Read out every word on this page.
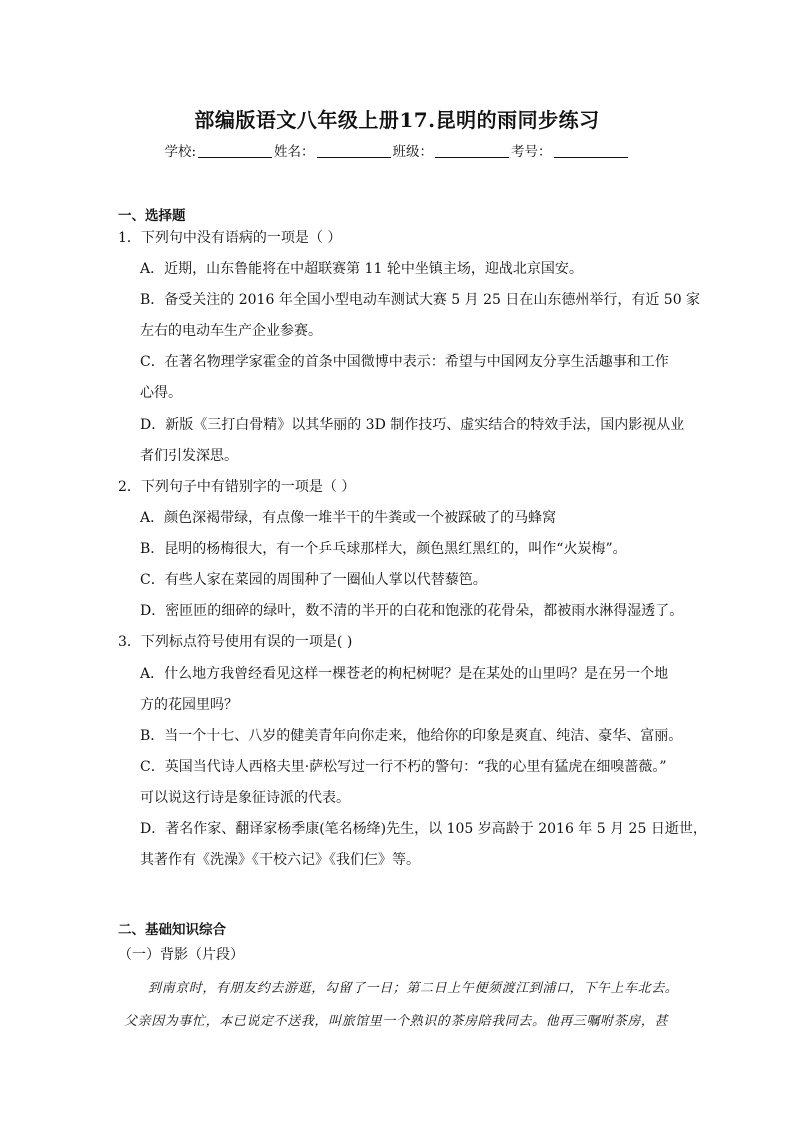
部编版语文八年级上册17.昆明的雨同步练习
学校:	姓名：	班级：	考号：
一、选择题
1．下列句中没有语病的一项是（ ）
A．近期，山东鲁能将在中超联赛第 11 轮中坐镇主场，迎战北京国安。
B．备受关注的 2016 年全国小型电动车测试大赛 5 月 25 日在山东德州举行，有近 50 家
左右的电动车生产企业参赛。
C．在著名物理学家霍金的首条中国微博中表示：希望与中国网友分享生活趣事和工作
心得。
D．新版《三打白骨精》以其华丽的 3D 制作技巧、虚实结合的特效手法，国内影视从业
者们引发深思。
2．下列句子中有错别字的一项是（ ）
A．颜色深褐带绿，有点像一堆半干的牛粪或一个被踩破了的马蜂窝
B．昆明的杨梅很大，有一个乒乓球那样大，颜色黑红黑红的，叫作“火炭梅”。
C．有些人家在菜园的周围种了一圈仙人掌以代替藜笆。
D．密匝匝的细碎的绿叶，数不清的半开的白花和饱涨的花骨朵，都被雨水淋得湿透了。
3．下列标点符号使用有误的一项是( )
A．什么地方我曾经看见这样一棵苍老的枸杞树呢？是在某处的山里吗？是在另一个地
方的花园里吗？
B．当一个十七、八岁的健美青年向你走来，他给你的印象是爽直、纯洁、豪华、富丽。
C．英国当代诗人西格夫里·萨松写过一行不朽的警句：“我的心里有猛虎在细嗅蔷薇。”
可以说这行诗是象征诗派的代表。
D．著名作家、翻译家杨季康(笔名杨绛)先生，以 105 岁高龄于 2016 年 5 月 25 日逝世，
其著作有《洗澡》《干校六记》《我们仨》等。
二、基础知识综合
（一）背影（片段）
到南京时，有朋友约去游逛，勾留了一日；第二日上午便须渡江到浦口，下午上车北去。
父亲因为事忙，本已说定不送我，叫旅馆里一个熟识的茶房陪我同去。他再三嘱咐茶房，甚
